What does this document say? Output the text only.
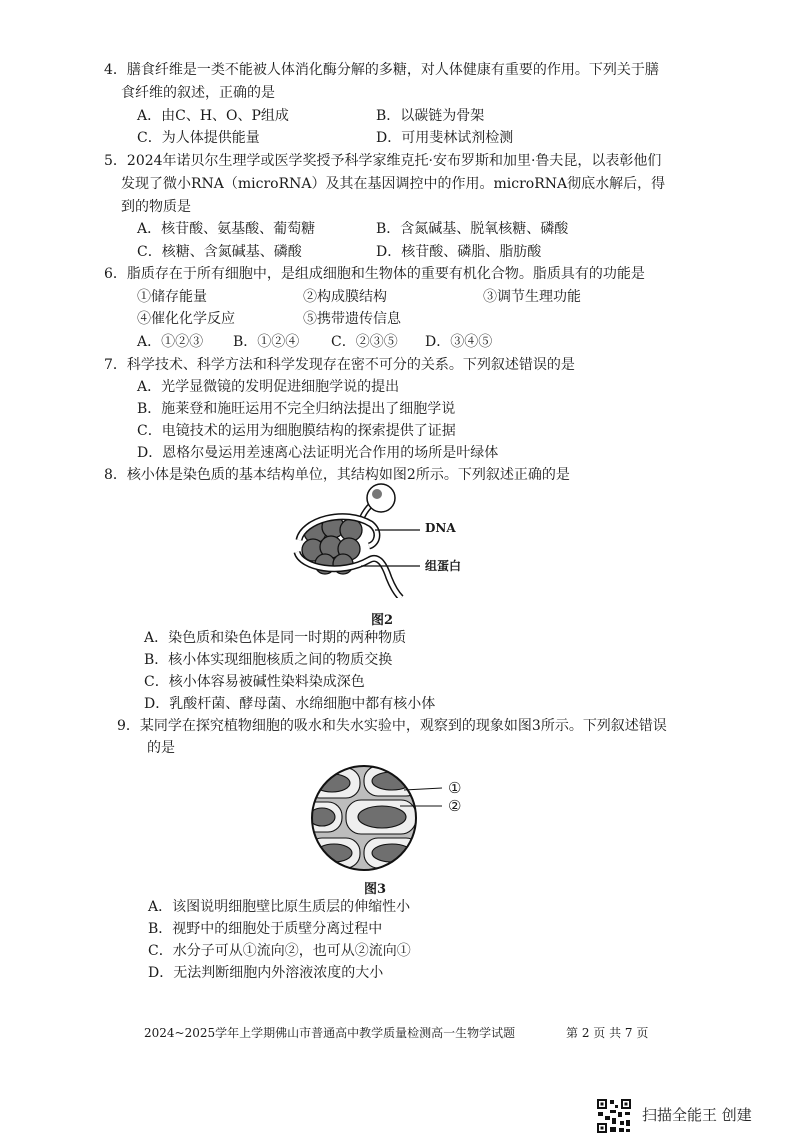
4．膳食纤维是一类不能被人体消化酶分解的多糖，对人体健康有重要的作用。下列关于膳
食纤维的叙述，正确的是
A．由C、H、O、P组成	B．以碳链为骨架
C．为人体提供能量	D．可用斐林试剂检测
5．2024年诺贝尔生理学或医学奖授予科学家维克托·安布罗斯和加里·鲁夫昆，以表彰他们
发现了微小RNA（microRNA）及其在基因调控中的作用。microRNA彻底水解后，得
到的物质是
A．核苷酸、氨基酸、葡萄糖	B．含氮碱基、脱氧核糖、磷酸
C．核糖、含氮碱基、磷酸	D．核苷酸、磷脂、脂肪酸
6．脂质存在于所有细胞中，是组成细胞和生物体的重要有机化合物。脂质具有的功能是
①储存能量	②构成膜结构	③调节生理功能
④催化化学反应	⑤携带遗传信息
A．①②③ B．①②④ C．②③⑤ D．③④⑤
7．科学技术、科学方法和科学发现存在密不可分的关系。下列叙述错误的是
A．光学显微镜的发明促进细胞学说的提出
B．施莱登和施旺运用不完全归纳法提出了细胞学说
C．电镜技术的运用为细胞膜结构的探索提供了证据
D．恩格尔曼运用差速离心法证明光合作用的场所是叶绿体
8．核小体是染色质的基本结构单位，其结构如图2所示。下列叙述正确的是
DNA
组蛋白
图2
A．染色质和染色体是同一时期的两种物质
B．核小体实现细胞核质之间的物质交换
C．核小体容易被碱性染料染成深色
D．乳酸杆菌、酵母菌、水绵细胞中都有核小体
9．某同学在探究植物细胞的吸水和失水实验中，观察到的现象如图3所示。下列叙述错误
的是
①
②
图3
A．该图说明细胞壁比原生质层的伸缩性小
B．视野中的细胞处于质壁分离过程中
C．水分子可从①流向②，也可从②流向①
D．无法判断细胞内外溶液浓度的大小
2024~2025学年上学期佛山市普通高中教学质量检测高一生物学试题	第 2 页 共 7 页
扫描全能王 创建
